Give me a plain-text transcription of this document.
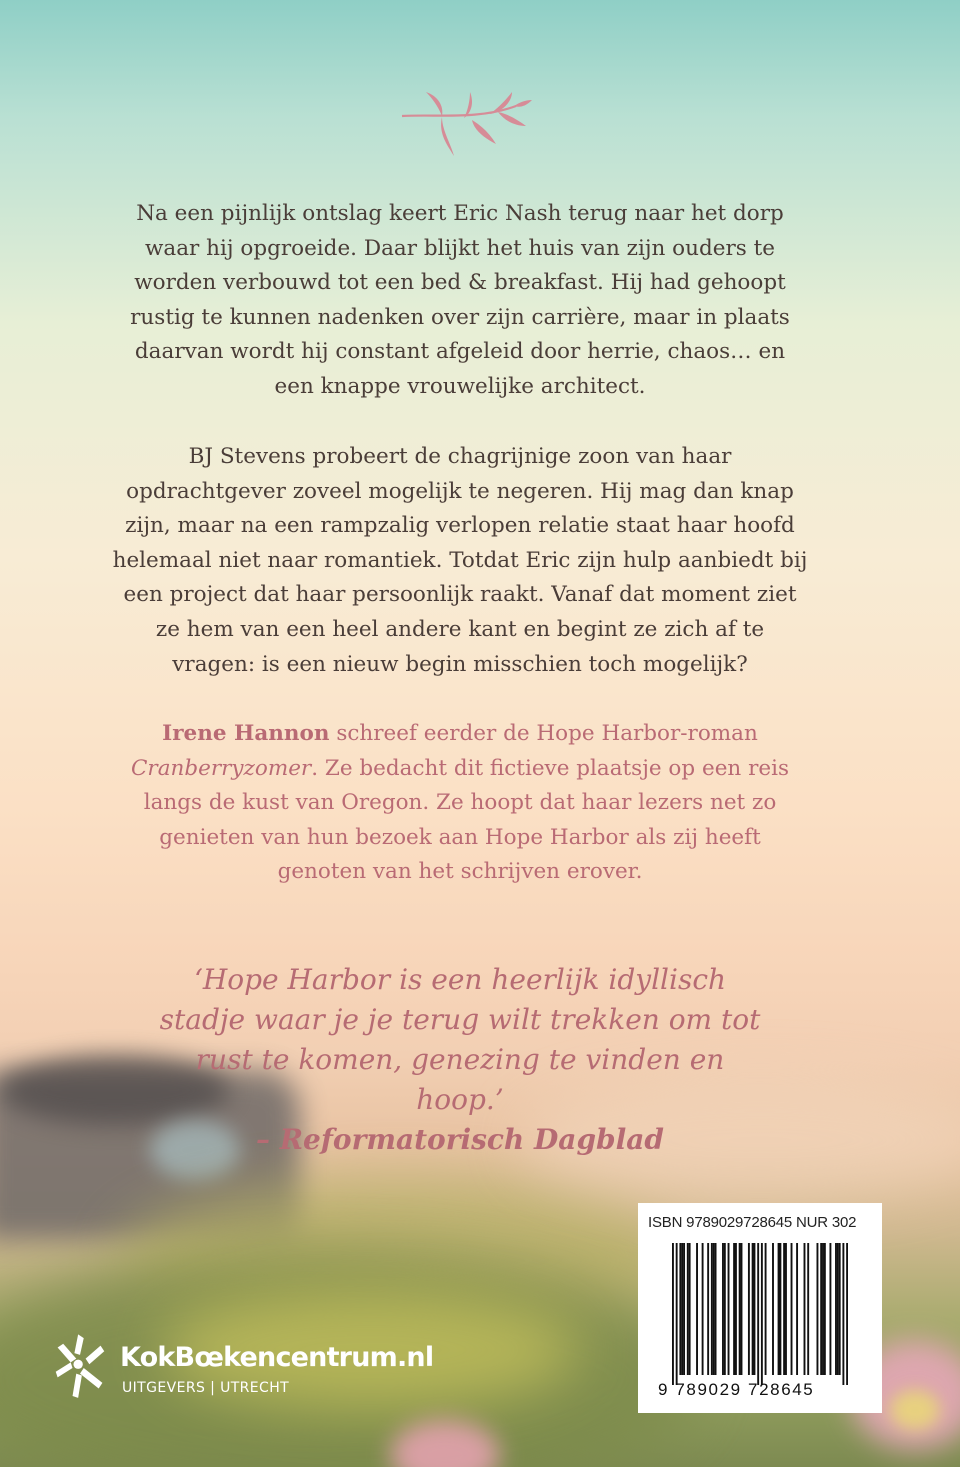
Na een pijnlijk ontslag keert Eric Nash terug naar het dorp waar hij opgroeide. Daar blijkt het huis van zijn ouders te worden verbouwd tot een bed & breakfast. Hij had gehoopt rustig te kunnen nadenken over zijn carrière, maar in plaats daarvan wordt hij constant afgeleid door herrie, chaos… en een knappe vrouwelijke architect.

BJ Stevens probeert de chagrijnige zoon van haar opdrachtgever zoveel mogelijk te negeren. Hij mag dan knap zijn, maar na een rampzalig verlopen relatie staat haar hoofd helemaal niet naar romantiek. Totdat Eric zijn hulp aanbiedt bij een project dat haar persoonlijk raakt. Vanaf dat moment ziet ze hem van een heel andere kant en begint ze zich af te vragen: is een nieuw begin misschien toch mogelijk?

Irene Hannon schreef eerder de Hope Harbor-roman Cranberryzomer. Ze bedacht dit fictieve plaatsje op een reis langs de kust van Oregon. Ze hoopt dat haar lezers net zo genieten van hun bezoek aan Hope Harbor als zij heeft genoten van het schrijven erover.

‘Hope Harbor is een heerlijk idyllisch stadje waar je je terug wilt trekken om tot rust te komen, genezing te vinden en hoop.’
– Reformatorisch Dagblad
KokBœkencentrum.nl
UITGEVERS | UTRECHT
ISBN 9789029728645 NUR 302
9 789029 728645
